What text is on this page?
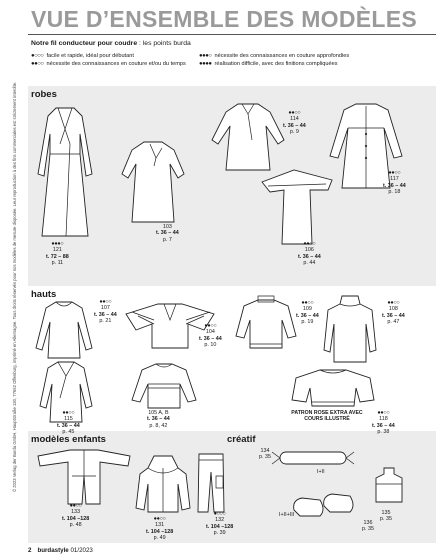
VUE D’ENSEMBLE DES MODÈLES
Notre fil conducteur pour coudre : les points burda
●○○○ facile et rapide, idéal pour débutant
●●○○ nécessite des connaissances en couture et/ou du temps
●●●○ nécessite des connaissances en couture approfondies
●●●● réalisation difficile, avec des finitions compliquées
© 2023 Verlag der Burda GmbH, Hauptstraße 130, 77652 Offenburg, imprimé en Allemagne. Tous droits réservés pour nos modèles de mesure disposée. Leur reproduction à des fins commerciales est strictement interdite. robes
hauts
modèles enfants	créatif
●●●○
121
t. 72 – 88
p. 11
103
t. 36 – 44
p. 7
●●○○
114
t. 36 – 44
p. 9
●●○○
117
t. 36 – 44
p. 18
●●○○
106
t. 36 – 44
p. 44
●●○○
107
t. 36 – 44
p. 21
●●○○
104
t. 36 – 44
p. 10
●●○○
109
t. 36 – 44
p. 19
●●○○
108
t. 36 – 44
p. 47
●●○○
115
t. 36 – 44
p. 45
105 A, B
t. 36 – 44
p. 8, 42
PATRON ROSE EXTRA AVEC COURS ILLUSTRÉ
●●○○
118
t. 36 – 44
p. 38
●●○○
133
t. 104 –128
p. 48
●●○○
131
t. 104 –128
p. 49
●○○○
132
t. 104 –128
p. 39
134
p. 35
I+II
I+II+III
136
p. 35
135
p. 35
2 burdastyle 01/2023
